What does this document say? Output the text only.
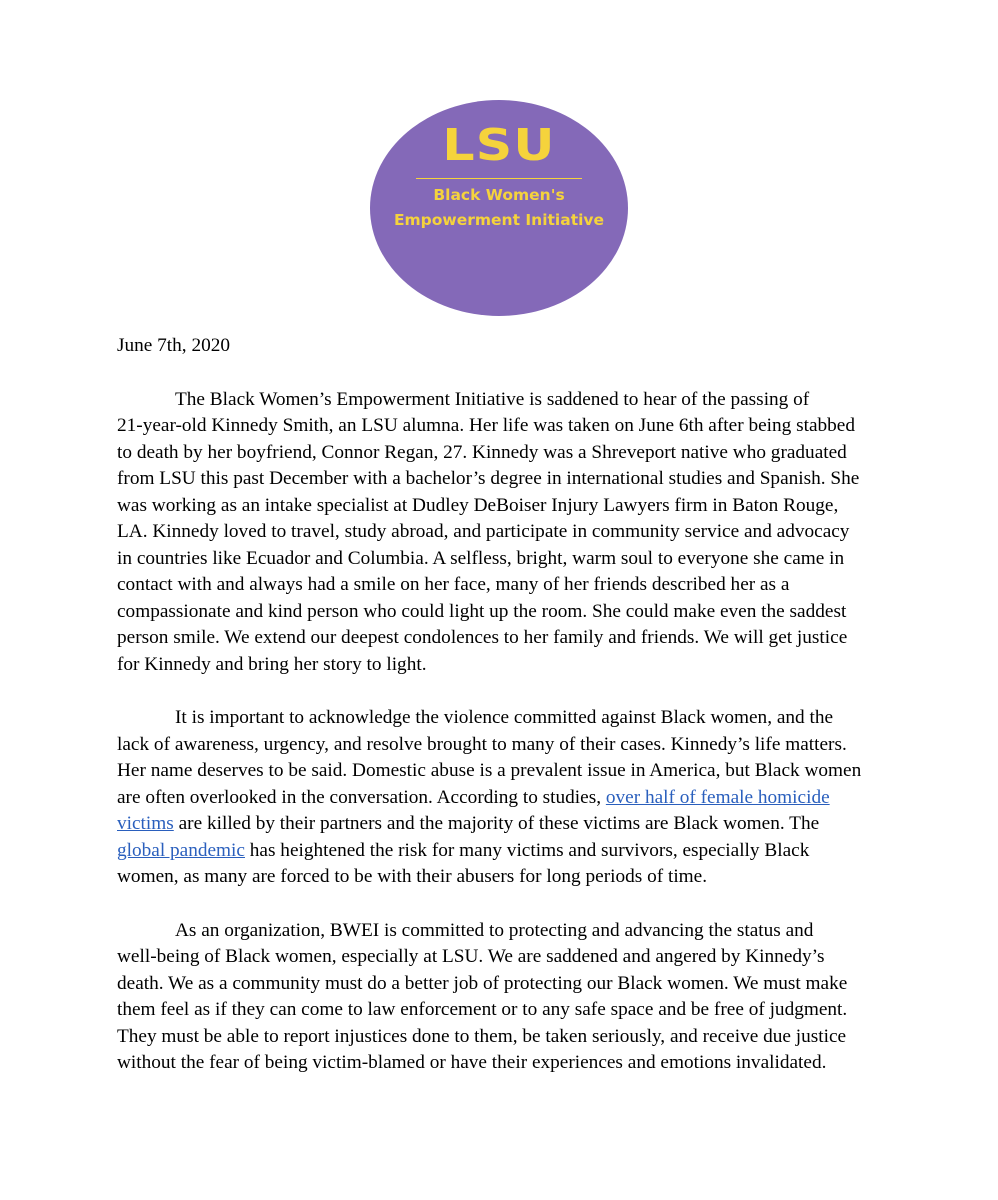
LSU
Black Women's
Empowerment Initiative
June 7th, 2020
The Black Women’s Empowerment Initiative is saddened to hear of the passing of
21-year-old Kinnedy Smith, an LSU alumna. Her life was taken on June 6th after being stabbed
to death by her boyfriend, Connor Regan, 27. Kinnedy was a Shreveport native who graduated
from LSU this past December with a bachelor’s degree in international studies and Spanish. She
was working as an intake specialist at Dudley DeBoiser Injury Lawyers firm in Baton Rouge,
LA. Kinnedy loved to travel, study abroad, and participate in community service and advocacy
in countries like Ecuador and Columbia. A selfless, bright, warm soul to everyone she came in
contact with and always had a smile on her face, many of her friends described her as a
compassionate and kind person who could light up the room. She could make even the saddest
person smile. We extend our deepest condolences to her family and friends. We will get justice
for Kinnedy and bring her story to light.
It is important to acknowledge the violence committed against Black women, and the
lack of awareness, urgency, and resolve brought to many of their cases. Kinnedy’s life matters.
Her name deserves to be said. Domestic abuse is a prevalent issue in America, but Black women
are often overlooked in the conversation. According to studies, over half of female homicide
victims are killed by their partners and the majority of these victims are Black women. The
global pandemic has heightened the risk for many victims and survivors, especially Black
women, as many are forced to be with their abusers for long periods of time.
As an organization, BWEI is committed to protecting and advancing the status and
well-being of Black women, especially at LSU. We are saddened and angered by Kinnedy’s
death. We as a community must do a better job of protecting our Black women. We must make
them feel as if they can come to law enforcement or to any safe space and be free of judgment.
They must be able to report injustices done to them, be taken seriously, and receive due justice
without the fear of being victim-blamed or have their experiences and emotions invalidated.
